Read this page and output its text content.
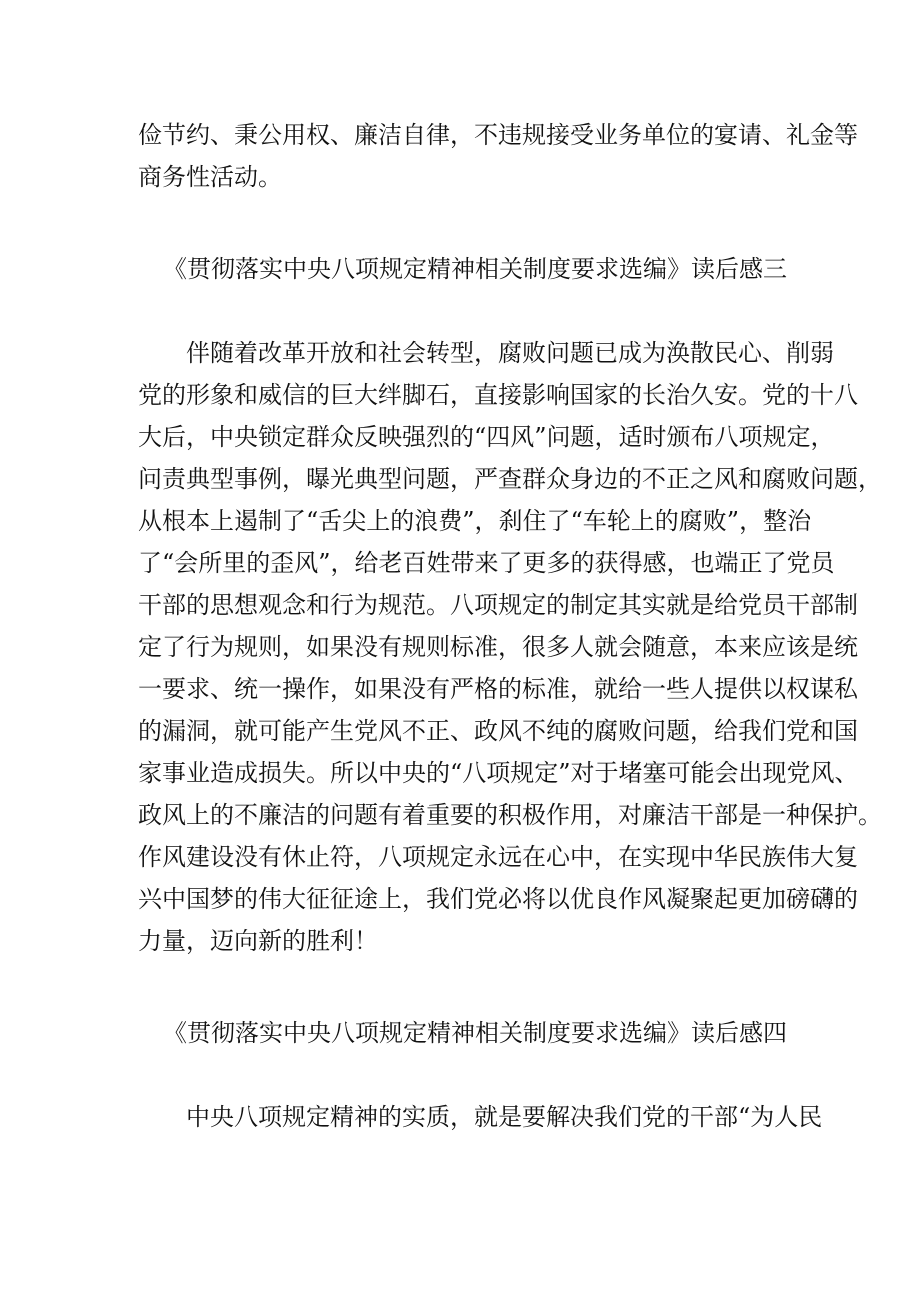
俭节约、秉公用权、廉洁自律，不违规接受业务单位的宴请、礼金等
商务性活动。
《贯彻落实中央八项规定精神相关制度要求选编》读后感三
伴随着改革开放和社会转型，腐败问题已成为涣散民心、削弱
党的形象和威信的巨大绊脚石，直接影响国家的长治久安。党的十八
大后，中央锁定群众反映强烈的“四风”问题，适时颁布八项规定，
问责典型事例，曝光典型问题，严查群众身边的不正之风和腐败问题，
从根本上遏制了“舌尖上的浪费”，刹住了“车轮上的腐败”，整治
了“会所里的歪风”，给老百姓带来了更多的获得感，也端正了党员
干部的思想观念和行为规范。八项规定的制定其实就是给党员干部制
定了行为规则，如果没有规则标准，很多人就会随意，本来应该是统
一要求、统一操作，如果没有严格的标准，就给一些人提供以权谋私
的漏洞，就可能产生党风不正、政风不纯的腐败问题，给我们党和国
家事业造成损失。所以中央的“八项规定”对于堵塞可能会出现党风、
政风上的不廉洁的问题有着重要的积极作用，对廉洁干部是一种保护。
作风建设没有休止符，八项规定永远在心中，在实现中华民族伟大复
兴中国梦的伟大征征途上，我们党必将以优良作风凝聚起更加磅礴的
力量，迈向新的胜利！
《贯彻落实中央八项规定精神相关制度要求选编》读后感四
中央八项规定精神的实质，就是要解决我们党的干部“为人民
